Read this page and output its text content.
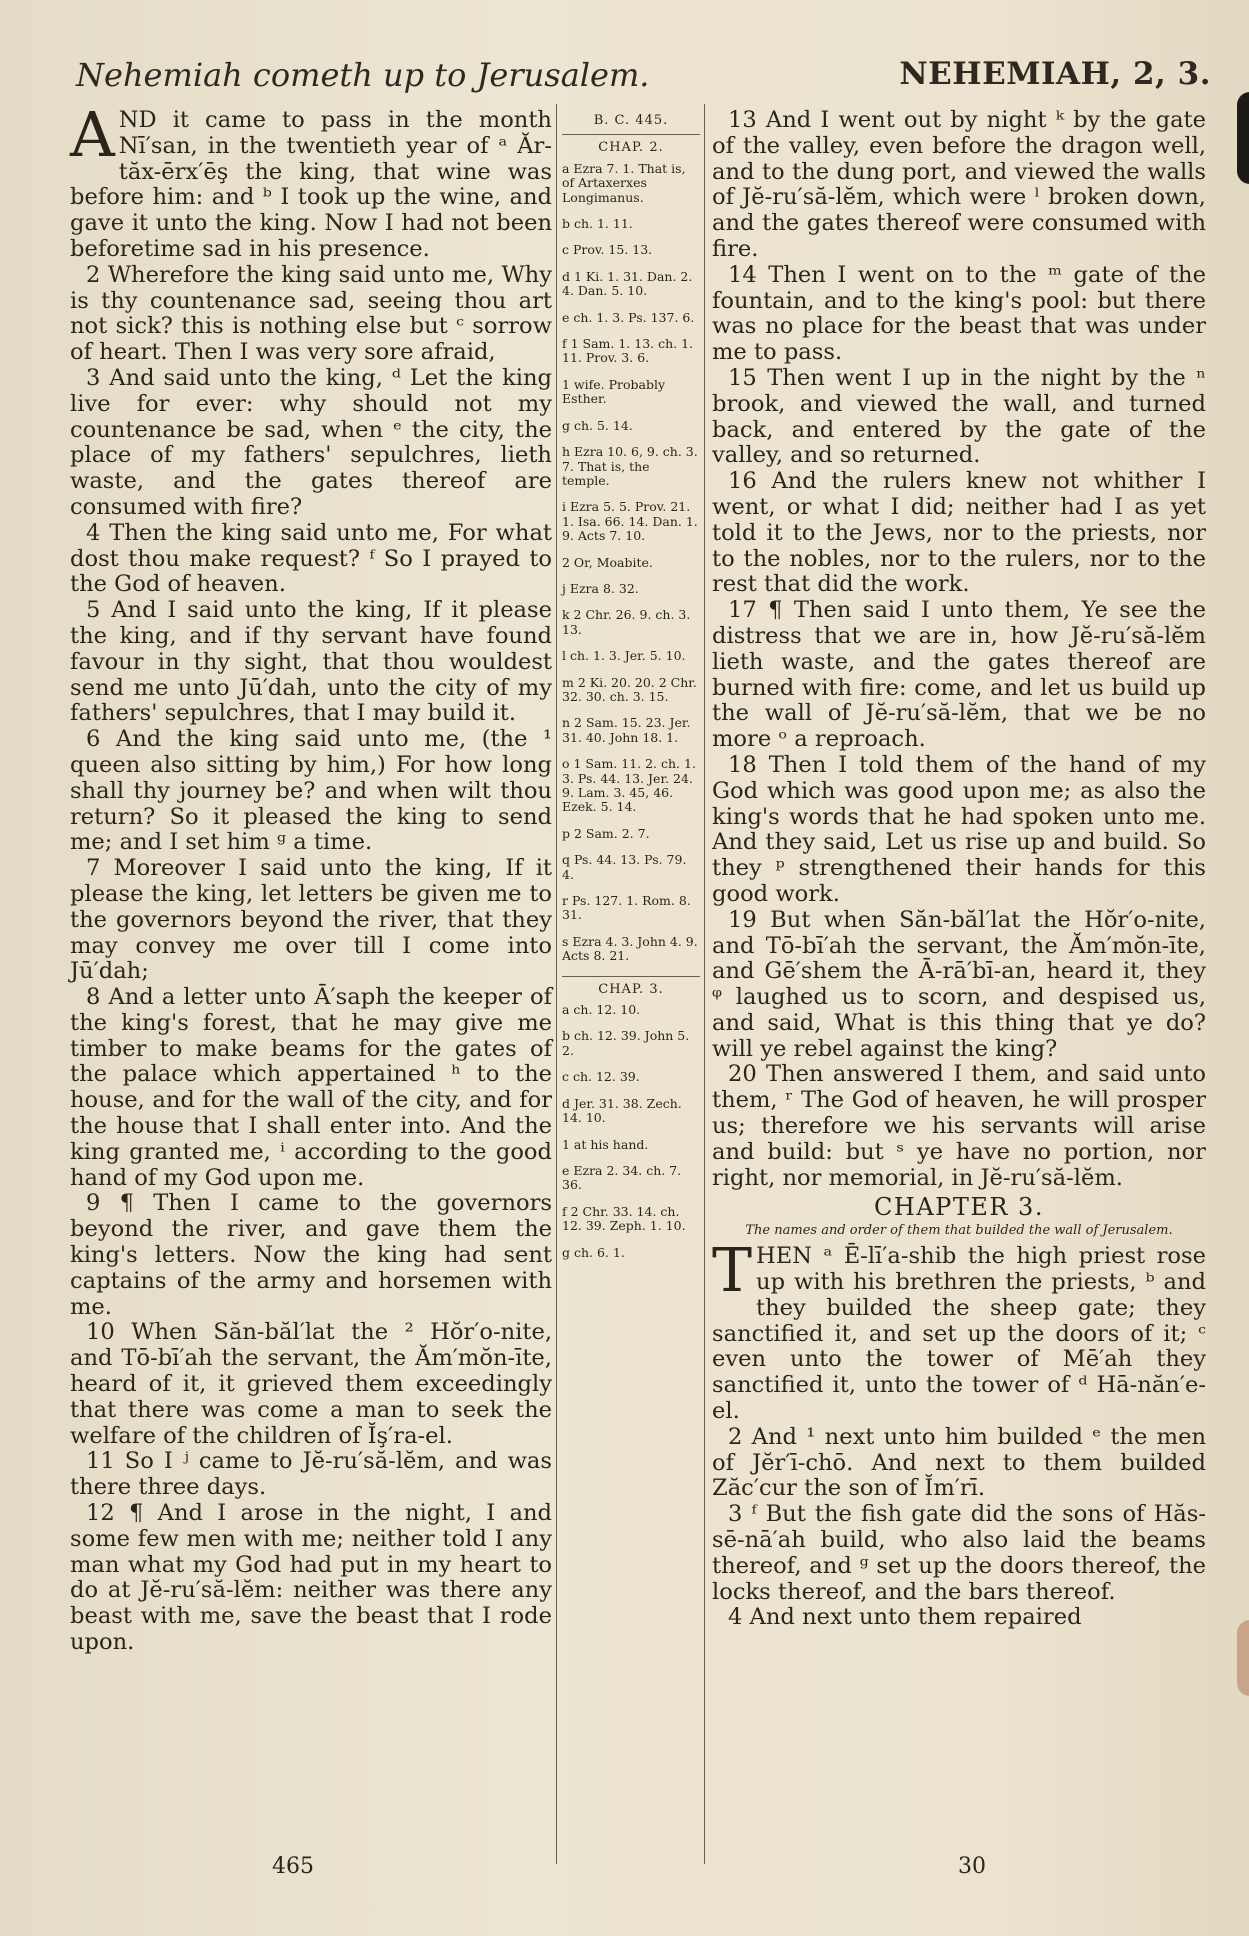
Nehemiah cometh up to Jerusalem.	NEHEMIAH, 2, 3.

AND it came to pass in the month Nī′san, in the twentieth year of ᵃ Ăr-tăx-ērx′ēş the king, that wine was before him: and ᵇ I took up the wine, and gave it unto the king. Now I had not been beforetime sad in his presence.

2 Wherefore the king said unto me, Why is thy countenance sad, seeing thou art not sick? this is nothing else but ᶜ sorrow of heart. Then I was very sore afraid,

3 And said unto the king, ᵈ Let the king live for ever: why should not my countenance be sad, when ᵉ the city, the place of my fathers' sepulchres, lieth waste, and the gates thereof are consumed with fire?

4 Then the king said unto me, For what dost thou make request? ᶠ So I prayed to the God of heaven.

5 And I said unto the king, If it please the king, and if thy servant have found favour in thy sight, that thou wouldest send me unto Jū′dah, unto the city of my fathers' sepulchres, that I may build it.

6 And the king said unto me, (the ¹ queen also sitting by him,) For how long shall thy journey be? and when wilt thou return? So it pleased the king to send me; and I set him ᵍ a time.

7 Moreover I said unto the king, If it please the king, let letters be given me to the governors beyond the river, that they may convey me over till I come into Jū′dah;

8 And a letter unto Ā′saph the keeper of the king's forest, that he may give me timber to make beams for the gates of the palace which appertained ʰ to the house, and for the wall of the city, and for the house that I shall enter into. And the king granted me, ⁱ according to the good hand of my God upon me.

9 ¶ Then I came to the governors beyond the river, and gave them the king's letters. Now the king had sent captains of the army and horsemen with me.

10 When Săn-băl′lat the ² Hŏr′o-nite, and Tō-bī′ah the servant, the Ăm′mŏn-īte, heard of it, it grieved them exceedingly that there was come a man to seek the welfare of the children of Ĭş′ra-el.

11 So I ʲ came to Jĕ-ru′să-lĕm, and was there three days.

12 ¶ And I arose in the night, I and some few men with me; neither told I any man what my God had put in my heart to do at Jĕ-ru′să-lĕm: neither was there any beast with me, save the beast that I rode upon.

B. C. 445.
CHAP. 2.
a Ezra 7. 1. That is, of Artaxerxes Longimanus.
b ch. 1. 11.
c Prov. 15. 13.
d 1 Ki. 1. 31. Dan. 2. 4. Dan. 5. 10.
e ch. 1. 3. Ps. 137. 6.
f 1 Sam. 1. 13. ch. 1. 11. Prov. 3. 6.
1 wife. Probably Esther.
g ch. 5. 14.
h Ezra 10. 6, 9. ch. 3. 7. That is, the temple.
i Ezra 5. 5. Prov. 21. 1. Isa. 66. 14. Dan. 1. 9. Acts 7. 10.
2 Or, Moabite.
j Ezra 8. 32.
k 2 Chr. 26. 9. ch. 3. 13.
l ch. 1. 3. Jer. 5. 10.
m 2 Ki. 20. 20. 2 Chr. 32. 30. ch. 3. 15.
n 2 Sam. 15. 23. Jer. 31. 40. John 18. 1.
o 1 Sam. 11. 2. ch. 1. 3. Ps. 44. 13. Jer. 24. 9. Lam. 3. 45, 46. Ezek. 5. 14.
p 2 Sam. 2. 7.
q Ps. 44. 13. Ps. 79. 4.
r Ps. 127. 1. Rom. 8. 31.
s Ezra 4. 3. John 4. 9. Acts 8. 21.
CHAP. 3.
a ch. 12. 10.
b ch. 12. 39. John 5. 2.
c ch. 12. 39.
d Jer. 31. 38. Zech. 14. 10.
1 at his hand.
e Ezra 2. 34. ch. 7. 36.
f 2 Chr. 33. 14. ch. 12. 39. Zeph. 1. 10.
g ch. 6. 1.

13 And I went out by night ᵏ by the gate of the valley, even before the dragon well, and to the dung port, and viewed the walls of Jĕ-ru′să-lĕm, which were ˡ broken down, and the gates thereof were consumed with fire.

14 Then I went on to the ᵐ gate of the fountain, and to the king's pool: but there was no place for the beast that was under me to pass.

15 Then went I up in the night by the ⁿ brook, and viewed the wall, and turned back, and entered by the gate of the valley, and so returned.

16 And the rulers knew not whither I went, or what I did; neither had I as yet told it to the Jews, nor to the priests, nor to the nobles, nor to the rulers, nor to the rest that did the work.

17 ¶ Then said I unto them, Ye see the distress that we are in, how Jĕ-ru′să-lĕm lieth waste, and the gates thereof are burned with fire: come, and let us build up the wall of Jĕ-ru′să-lĕm, that we be no more ᵒ a reproach.

18 Then I told them of the hand of my God which was good upon me; as also the king's words that he had spoken unto me. And they said, Let us rise up and build. So they ᵖ strengthened their hands for this good work.

19 But when Săn-băl′lat the Hŏr′o-nite, and Tō-bī′ah the servant, the Ăm′mŏn-īte, and Gē′shem the Ā-rā′bī-an, heard it, they ᵠ laughed us to scorn, and despised us, and said, What is this thing that ye do? will ye rebel against the king?

20 Then answered I them, and said unto them, ʳ The God of heaven, he will prosper us; therefore we his servants will arise and build: but ˢ ye have no portion, nor right, nor memorial, in Jĕ-ru′să-lĕm.

CHAPTER 3.
The names and order of them that builded the wall of Jerusalem.

THEN ᵃ Ē-lī′a-shib the high priest rose up with his brethren the priests, ᵇ and they builded the sheep gate; they sanctified it, and set up the doors of it; ᶜ even unto the tower of Mē′ah they sanctified it, unto the tower of ᵈ Hā-năn′e-el.

2 And ¹ next unto him builded ᵉ the men of Jĕr′ī-chō. And next to them builded Zăc′cur the son of Ĭm′rī.

3 ᶠ But the fish gate did the sons of Hăs-sē-nā′ah build, who also laid the beams thereof, and ᵍ set up the doors thereof, the locks thereof, and the bars thereof.

4 And next unto them repaired

465	30
